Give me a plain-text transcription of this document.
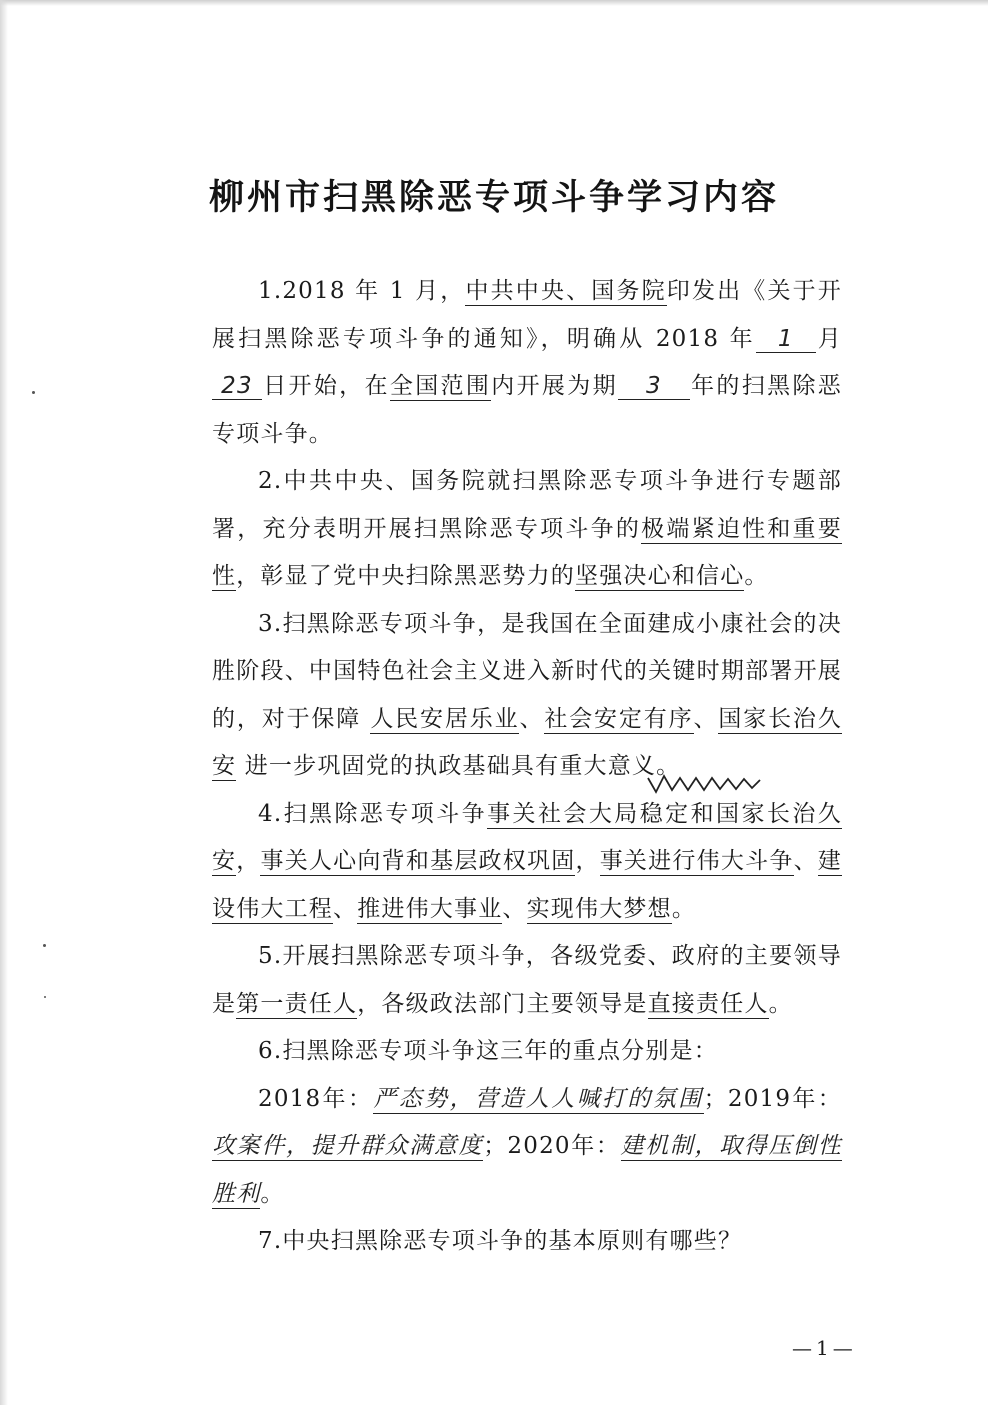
柳州市扫黑除恶专项斗争学习内容

1.2018 年 1 月，中共中央、国务院印发出《关于开展扫黑除恶专项斗争的通知》，明确从 2018 年 1 月23 日开始，在全国范围内开展为期 3 年的扫黑除恶专项斗争。

2.中共中央、国务院就扫黑除恶专项斗争进行专题部署，充分表明开展扫黑除恶专项斗争的极端紧迫性和重要性，彰显了党中央扫除黑恶势力的坚强决心和信心。

3.扫黑除恶专项斗争，是我国在全面建成小康社会的决胜阶段、中国特色社会主义进入新时代的关键时期部署开展的，对于保障 人民安居乐业、社会安定有序、国家长治久安 进一步巩固党的执政基础具有重大意义。

4.扫黑除恶专项斗争事关社会大局稳定和国家长治久安，事关人心向背和基层政权巩固，事关进行伟大斗争、建设伟大工程、推进伟大事业、实现伟大梦想。

5.开展扫黑除恶专项斗争，各级党委、政府的主要领导是第一责任人，各级政法部门主要领导是直接责任人。

6.扫黑除恶专项斗争这三年的重点分别是：

2018年：严态势，营造人人喊打的氛围；2019年：攻案件，提升群众满意度；2020年：建机制，取得压倒性胜利。

7.中央扫黑除恶专项斗争的基本原则有哪些？

—1—
